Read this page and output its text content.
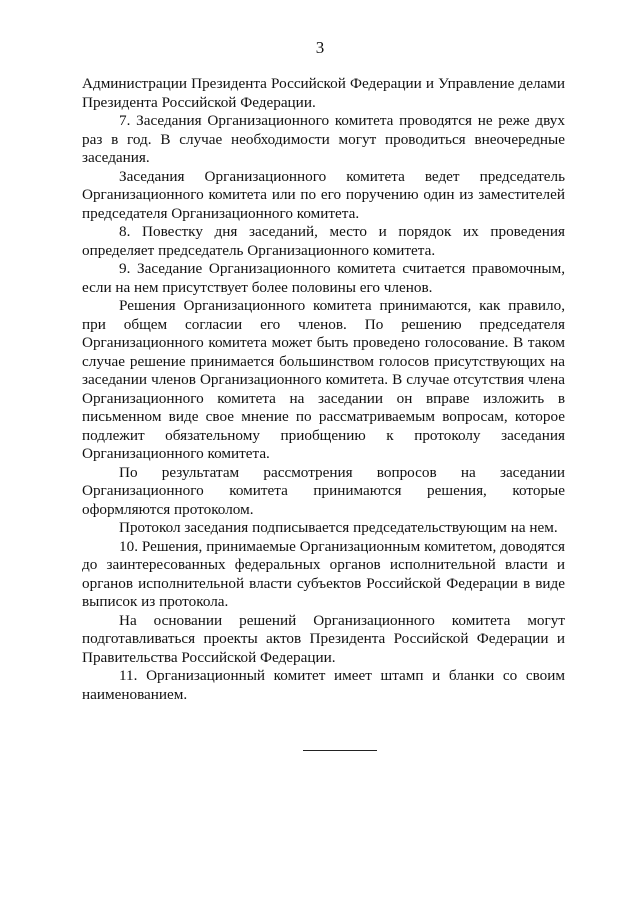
3

Администрации Президента Российской Федерации и Управление делами Президента Российской Федерации.

7. Заседания Организационного комитета проводятся не реже двух раз в год. В случае необходимости могут проводиться внеочередные заседания.

Заседания Организационного комитета ведет председатель Организационного комитета или по его поручению один из заместителей председателя Организационного комитета.

8. Повестку дня заседаний, место и порядок их проведения определяет председатель Организационного комитета.

9. Заседание Организационного комитета считается правомочным, если на нем присутствует более половины его членов.

Решения Организационного комитета принимаются, как правило, при общем согласии его членов. По решению председателя Организационного комитета может быть проведено голосование. В таком случае решение принимается большинством голосов присутствующих на заседании членов Организационного комитета. В случае отсутствия члена Организационного комитета на заседании он вправе изложить в письменном виде свое мнение по рассматриваемым вопросам, которое подлежит обязательному приобщению к протоколу заседания Организационного комитета.

По результатам рассмотрения вопросов на заседании Организационного комитета принимаются решения, которые оформляются протоколом.

Протокол заседания подписывается председательствующим на нем.

10. Решения, принимаемые Организационным комитетом, доводятся до заинтересованных федеральных органов исполнительной власти и органов исполнительной власти субъектов Российской Федерации в виде выписок из протокола.

На основании решений Организационного комитета могут подготавливаться проекты актов Президента Российской Федерации и Правительства Российской Федерации.

11. Организационный комитет имеет штамп и бланки со своим наименованием.
